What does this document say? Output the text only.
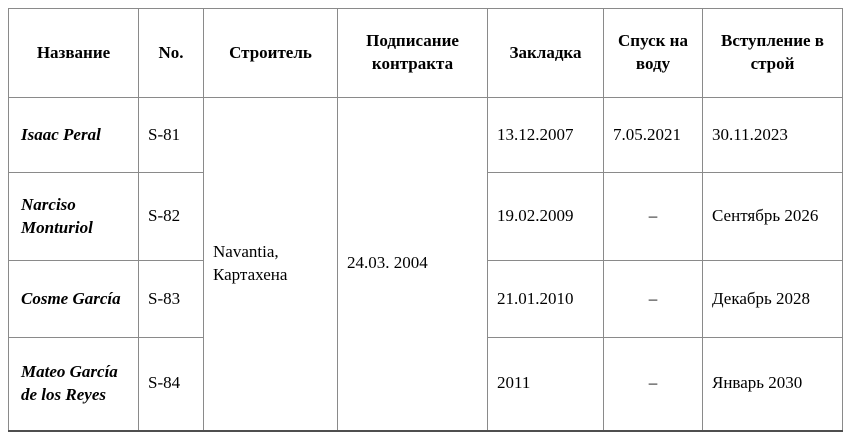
Название	No.	Строитель	Подписание контракта	Закладка	Спуск на воду	Вступление в строй
Isaac Peral	S-81	Navantia, Картахена	24.03. 2004	13.12.2007	7.05.2021	30.11.2023
Narciso Monturiol	S-82			19.02.2009	–	Сентябрь 2026
Cosme García	S-83			21.01.2010	–	Декабрь 2028
Mateo García de los Reyes	S-84			2011	–	Январь 2030
